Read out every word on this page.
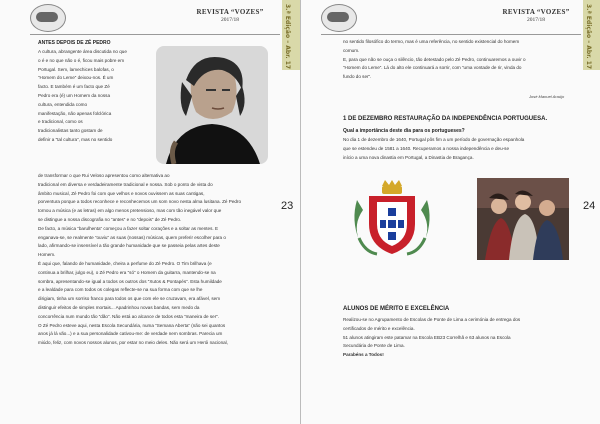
REVISTA “VOZES”
2017/18	3.ª Edição – Abr. 17
ANTES DEPOIS DE ZÉ PEDRO

A cultura, abrangente área discutida no que

o é e no que não o é, ficou mais pobre em

Portugal. Sem, lamechices balofas, o

“Homem do Leme” deixou-nos. É um

facto. E também é um facto que Zé

Pedro era (é) um Homem da nossa

cultura, entendida como

manifestação, não apenas folclórica

e tradicional, como os

tradicionalistas tanto gostam de

definir a “tal cultura”, mas no sentido

de transformar o que Rui Veloso apresentou como alternativa ao

tradicional em diversa e verdadeiramente tradicional e nossa. Sob o ponto de vista do

âmbito musical, Zé Pedro foi com que velhos e novos ouvissem as suas cantigas,

porventura porque a todos reconhece e reconhecemos um som novo nesta alma lusitana. Zé Pedro

tornou a música (e as letras) em algo menos pretensioso, mas com tão inegável valor que

se distingue a nossa discografia no “antes” e no “depois” de Zé Pedro.

De facto, a música “barulhenta” começou a fazer soltar corações e a soltar as mentes. E

enganava-se, se realmente “ouviu” as suas (nossas) músicas, quem preferir escolher para o

lado, afirmando-se insensível a tão grande humanidade que se passeia pelas artes deste

Homem.

É aqui que, falando de humanidade, cheira a perfume do Zé Pedro. O Tim brilhava (e

continua a brilhar, julgo eu), o Zé Pedro era “só” o Homem da guitarra, mantendo-se na

sombra, apresentando-se igual a todos os outros dos “Xutos & Pontapés”. Esta humildade

e a lealdade para com todos os colegas reflecte-se na sua forma com que se lhe

dirigiam, tinha um sorriso franco para todos os que com ele se cruzavam, era afável, sem

distinguir efeitos de simples mortais... Apadrinhou novas bandas, sem medo da

concorrência num mundo tão “dão”. Não está ao alcance de todos esta “maneira de ser”.

O Zé Pedro esteve aqui, nesta Escola Secundária, numa “Semana Aberta” (não sei quantos

anos já lá vão...) e a sua personalidade cativou-me: de verdade nem sombras. Parecia um

miúdo, feliz, com novos nossos alunos, por estar no meio deles. Não será um Herói nacional,

23
REVISTA “VOZES”
2017/18	3.ª Edição – Abr. 17

no sentido filosófico do termo, mas é uma referência, no sentido existencial do homem

comum.

E, para que não se ouça o silêncio, tão detestado pelo Zé Pedro, continuaremos a ouvir o

“Homem do Leme”. Lá do alto ele continuará a sorrir, com “uma vontade de rir, vinda do

fundo do ser”.

José Manuel Araújo
1 DE DEZEMBRO RESTAURAÇÃO DA INDEPENDÊNCIA PORTUGUESA.
Qual a importância deste dia para os portugueses?

No dia 1 de dezembro de 1640, Portugal pôs fim a um período de governação espanhola

que se estendeu de 1581 a 1640. Recuperamos a nossa independência e deu-se

início a uma nova dinastia em Portugal, a Dinastia de Bragança.

ALUNOS DE MÉRITO E EXCELÊNCIA

Realizou-se no Agrupamento de Escolas de Ponte de Lima a cerimónia de entrega dos

certificados de mérito e excelência.

51 alunos atingiram este patamar na Escola EB23 Correlhã e 63 alunos na Escola

Secundária de Ponte de Lima.

Parabéns a Todos!

24
